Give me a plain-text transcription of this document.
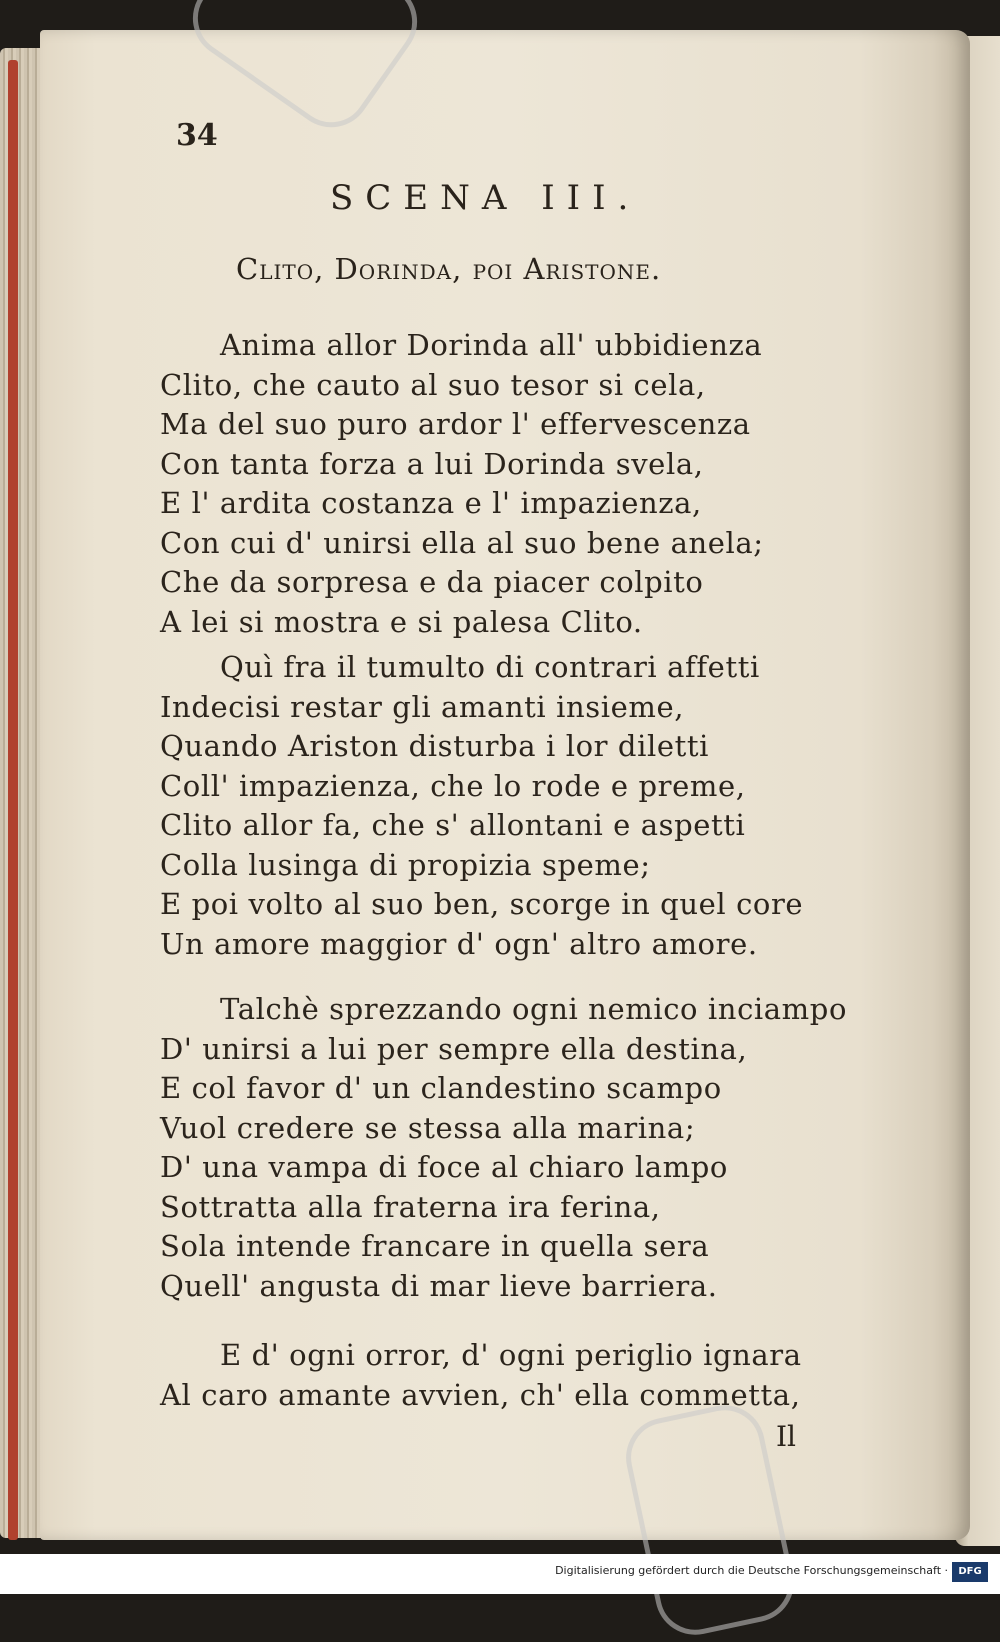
34
SCENA III.
Clito, Dorinda, poi Aristone.
Anima allor Dorinda all' ubbidienza
Clito, che cauto al suo tesor si cela,
Ma del suo puro ardor l' effervescenza
Con tanta forza a lui Dorinda svela,
E l' ardita costanza e l' impazienza,
Con cui d' unirsi ella al suo bene anela;
Che da sorpresa e da piacer colpito
A lei si mostra e si palesa Clito.
Quì fra il tumulto di contrari affetti
Indecisi restar gli amanti insieme,
Quando Ariston disturba i lor diletti
Coll' impazienza, che lo rode e preme,
Clito allor fa, che s' allontani e aspetti
Colla lusinga di propizia speme;
E poi volto al suo ben, scorge in quel core
Un amore maggior d' ogn' altro amore.
Talchè sprezzando ogni nemico inciampo
D' unirsi a lui per sempre ella destina,
E col favor d' un clandestino scampo
Vuol credere se stessa alla marina;
D' una vampa di foce al chiaro lampo
Sottratta alla fraterna ira ferina,
Sola intende francare in quella sera
Quell' angusta di mar lieve barriera.
E d' ogni orror, d' ogni periglio ignara
Al caro amante avvien, ch' ella commetta,
Il
Digitalisierung gefördert durch die Deutsche Forschungsgemeinschaft ·	DFG
